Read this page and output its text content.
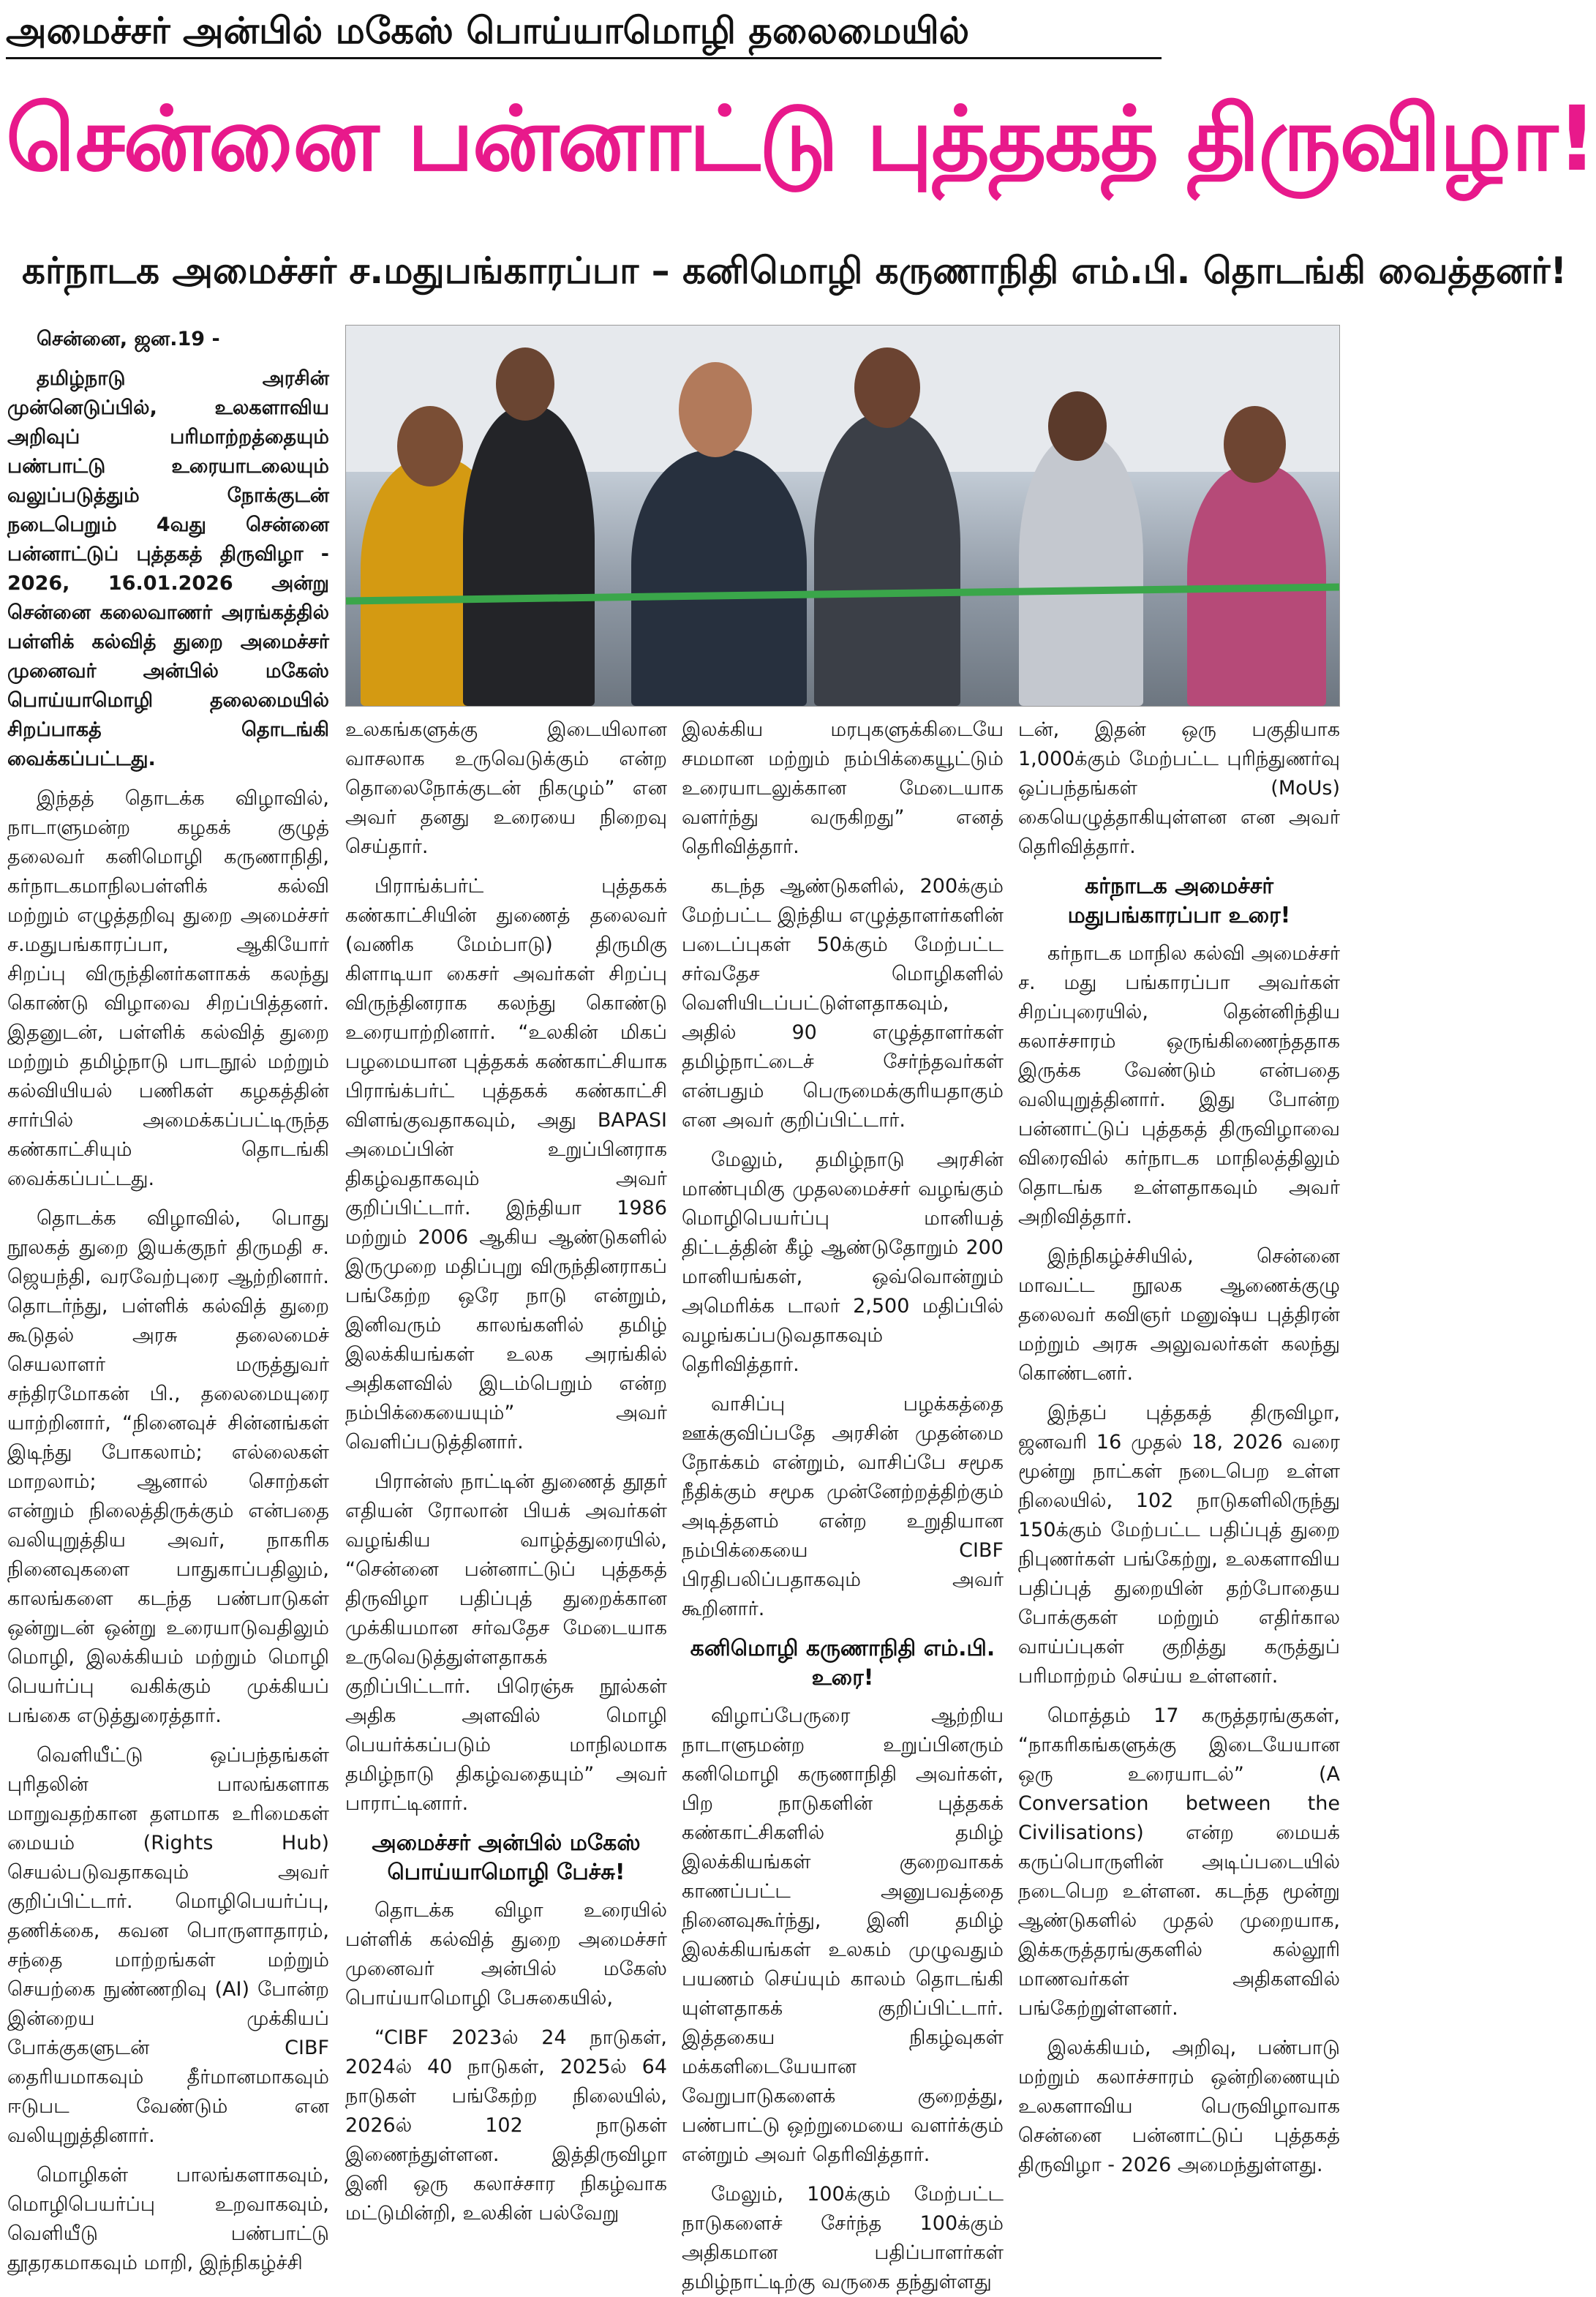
அமைச்சர் அன்பில் மகேஸ் பொய்யாமொழி தலைமையில்
சென்னை பன்னாட்டு புத்தகத் திருவிழா!
கர்நாடக அமைச்சர் ச.மதுபங்காரப்பா – கனிமொழி கருணாநிதி எம்.பி. தொடங்கி வைத்தனர்!

சென்னை, ஜன.19 -

தமிழ்நாடு அரசின் முன்னெடுப்பில், உலகளாவிய அறிவுப் பரிமாற்றத்தையும் பண்பாட்டு உரையாடலையும் வலுப்படுத்தும் நோக்குடன் நடைபெறும் 4வது சென்னை பன்னாட்டுப் புத்தகத் திருவிழா - 2026, 16.01.2026 அன்று சென்னை கலைவாணர் அரங்கத்தில் பள்ளிக் கல்வித் துறை அமைச்சர் முனைவர் அன்பில் மகேஸ் பொய்யாமொழி தலைமையில் சிறப்பாகத் தொடங்கி வைக்கப்பட்டது.

இந்தத் தொடக்க விழாவில், நாடாளுமன்ற கழகக் குழுத் தலைவர் கனிமொழி கருணாநிதி, கர்நாடகமாநிலபள்ளிக் கல்வி மற்றும் எழுத்தறிவு துறை அமைச்சர் ச.மதுபங்காரப்பா, ஆகியோர் சிறப்பு விருந்தினர்களாகக் கலந்து கொண்டு விழாவை சிறப்பித்தனர். இதனுடன், பள்ளிக் கல்வித் துறை மற்றும் தமிழ்நாடு பாடநூல் மற்றும் கல்வியியல் பணிகள் கழகத்தின் சார்பில் அமைக்கப்பட்டிருந்த கண்காட்சியும் தொடங்கி வைக்கப்பட்டது.

தொடக்க விழாவில், பொது நூலகத் துறை இயக்குநர் திருமதி ச. ஜெயந்தி, வரவேற்புரை ஆற்றினார். தொடர்ந்து, பள்ளிக் கல்வித் துறை கூடுதல் அரசு தலைமைச் செயலாளர் மருத்துவர் சந்திரமோகன் பி., தலைமையுரை யாற்றினார், “நினைவுச் சின்னங்கள் இடிந்து போகலாம்; எல்லைகள் மாறலாம்; ஆனால் சொற்கள் என்றும் நிலைத்திருக்கும் என்பதை வலியுறுத்திய அவர், நாகரிக நினைவுகளை பாதுகாப்பதிலும், காலங்களை கடந்த பண்பாடுகள் ஒன்றுடன் ஒன்று உரையாடுவதிலும் மொழி, இலக்கியம் மற்றும் மொழி பெயர்ப்பு வகிக்கும் முக்கியப் பங்கை எடுத்துரைத்தார்.

வெளியீட்டு ஒப்பந்தங்கள் புரிதலின் பாலங்களாக மாறுவதற்கான தளமாக உரிமைகள் மையம் (Rights Hub) செயல்படுவதாகவும் அவர் குறிப்பிட்டார். மொழிபெயர்ப்பு, தணிக்கை, கவன பொருளாதாரம், சந்தை மாற்றங்கள் மற்றும் செயற்கை நுண்ணறிவு (AI) போன்ற இன்றைய முக்கியப் போக்குகளுடன் CIBF தைரியமாகவும் தீர்மானமாகவும் ஈடுபட வேண்டும் என வலியுறுத்தினார்.

மொழிகள் பாலங்களாகவும், மொழிபெயர்ப்பு உறவாகவும், வெளியீடு பண்பாட்டு தூதரகமாகவும் மாறி, இந்நிகழ்ச்சி

உலகங்களுக்கு இடையிலான வாசலாக உருவெடுக்கும் என்ற தொலைநோக்குடன் நிகழும்” என அவர் தனது உரையை நிறைவு செய்தார்.

பிராங்க்பர்ட் புத்தகக் கண்காட்சியின் துணைத் தலைவர் (வணிக மேம்பாடு) திருமிகு கிளாடியா கைசர் அவர்கள் சிறப்பு விருந்தினராக கலந்து கொண்டு உரையாற்றினார். “உலகின் மிகப் பழமையான புத்தகக் கண்காட்சியாக பிராங்க்பர்ட் புத்தகக் கண்காட்சி விளங்குவதாகவும், அது BAPASI அமைப்பின் உறுப்பினராக திகழ்வதாகவும் அவர் குறிப்பிட்டார். இந்தியா 1986 மற்றும் 2006 ஆகிய ஆண்டுகளில் இருமுறை மதிப்புறு விருந்தினராகப் பங்கேற்ற ஒரே நாடு என்றும், இனிவரும் காலங்களில் தமிழ் இலக்கியங்கள் உலக அரங்கில் அதிகளவில் இடம்பெறும் என்ற நம்பிக்கையையும்” அவர் வெளிப்படுத்தினார்.

பிரான்ஸ் நாட்டின் துணைத் தூதர் எதியன் ரோலான் பியக் அவர்கள் வழங்கிய வாழ்த்துரையில், “சென்னை பன்னாட்டுப் புத்தகத் திருவிழா பதிப்புத் துறைக்கான முக்கியமான சர்வதேச மேடையாக உருவெடுத்துள்ளதாகக் குறிப்பிட்டார். பிரெஞ்சு நூல்கள் அதிக அளவில் மொழி பெயர்க்கப்படும் மாநிலமாக தமிழ்நாடு திகழ்வதையும்” அவர் பாராட்டினார்.

அமைச்சர் அன்பில் மகேஸ் பொய்யாமொழி பேச்சு!

தொடக்க விழா உரையில் பள்ளிக் கல்வித் துறை அமைச்சர் முனைவர் அன்பில் மகேஸ் பொய்யாமொழி பேசுகையில்,

“CIBF 2023ல் 24 நாடுகள், 2024ல் 40 நாடுகள், 2025ல் 64 நாடுகள் பங்கேற்ற நிலையில், 2026ல் 102 நாடுகள் இணைந்துள்ளன. இத்திருவிழா இனி ஒரு கலாச்சார நிகழ்வாக மட்டுமின்றி, உலகின் பல்வேறு

இலக்கிய மரபுகளுக்கிடையே சமமான மற்றும் நம்பிக்கையூட்டும் உரையாடலுக்கான மேடையாக வளர்ந்து வருகிறது” எனத் தெரிவித்தார்.

கடந்த ஆண்டுகளில், 200க்கும் மேற்பட்ட இந்திய எழுத்தாளர்களின் படைப்புகள் 50க்கும் மேற்பட்ட சர்வதேச மொழிகளில் வெளியிடப்பட்டுள்ளதாகவும், அதில் 90 எழுத்தாளர்கள் தமிழ்நாட்டைச் சேர்ந்தவர்கள் என்பதும் பெருமைக்குரியதாகும் என அவர் குறிப்பிட்டார்.

மேலும், தமிழ்நாடு அரசின் மாண்புமிகு முதலமைச்சர் வழங்கும் மொழிபெயர்ப்பு மானியத் திட்டத்தின் கீழ் ஆண்டுதோறும் 200 மானியங்கள், ஒவ்வொன்றும் அமெரிக்க டாலர் 2,500 மதிப்பில் வழங்கப்படுவதாகவும் தெரிவித்தார்.

வாசிப்பு பழக்கத்தை ஊக்குவிப்பதே அரசின் முதன்மை நோக்கம் என்றும், வாசிப்பே சமூக நீதிக்கும் சமூக முன்னேற்றத்திற்கும் அடித்தளம் என்ற உறுதியான நம்பிக்கையை CIBF பிரதிபலிப்பதாகவும் அவர் கூறினார்.

கனிமொழி கருணாநிதி எம்.பி. உரை!

விழாப்பேருரை ஆற்றிய நாடாளுமன்ற உறுப்பினரும் கனிமொழி கருணாநிதி அவர்கள், பிற நாடுகளின் புத்தகக் கண்காட்சிகளில் தமிழ் இலக்கியங்கள் குறைவாகக் காணப்பட்ட அனுபவத்தை நினைவுகூர்ந்து, இனி தமிழ் இலக்கியங்கள் உலகம் முழுவதும் பயணம் செய்யும் காலம் தொடங்கி யுள்ளதாகக் குறிப்பிட்டார். இத்தகைய நிகழ்வுகள் மக்களிடையேயான வேறுபாடுகளைக் குறைத்து, பண்பாட்டு ஒற்றுமையை வளர்க்கும் என்றும் அவர் தெரிவித்தார்.

மேலும், 100க்கும் மேற்பட்ட நாடுகளைச் சேர்ந்த 100க்கும் அதிகமான பதிப்பாளர்கள் தமிழ்நாட்டிற்கு வருகை தந்துள்ளது

டன், இதன் ஒரு பகுதியாக 1,000க்கும் மேற்பட்ட புரிந்துணர்வு ஒப்பந்தங்கள் (MoUs) கையெழுத்தாகியுள்ளன என அவர் தெரிவித்தார்.

கர்நாடக அமைச்சர் மதுபங்காரப்பா உரை!

கர்நாடக மாநில கல்வி அமைச்சர் ச. மது பங்காரப்பா அவர்கள் சிறப்புரையில், தென்னிந்திய கலாச்சாரம் ஒருங்கிணைந்ததாக இருக்க வேண்டும் என்பதை வலியுறுத்தினார். இது போன்ற பன்னாட்டுப் புத்தகத் திருவிழாவை விரைவில் கர்நாடக மாநிலத்திலும் தொடங்க உள்ளதாகவும் அவர் அறிவித்தார்.

இந்நிகழ்ச்சியில், சென்னை மாவட்ட நூலக ஆணைக்குழு தலைவர் கவிஞர் மனுஷ்ய புத்திரன் மற்றும் அரசு அலுவலர்கள் கலந்து கொண்டனர்.

இந்தப் புத்தகத் திருவிழா, ஜனவரி 16 முதல் 18, 2026 வரை மூன்று நாட்கள் நடைபெற உள்ள நிலையில், 102 நாடுகளிலிருந்து 150க்கும் மேற்பட்ட பதிப்புத் துறை நிபுணர்கள் பங்கேற்று, உலகளாவிய பதிப்புத் துறையின் தற்போதைய போக்குகள் மற்றும் எதிர்கால வாய்ப்புகள் குறித்து கருத்துப் பரிமாற்றம் செய்ய உள்ளனர்.

மொத்தம் 17 கருத்தரங்குகள், “நாகரிகங்களுக்கு இடையேயான ஒரு உரையாடல்” (A Conversation between the Civilisations) என்ற மையக் கருப்பொருளின் அடிப்படையில் நடைபெற உள்ளன. கடந்த மூன்று ஆண்டுகளில் முதல் முறையாக, இக்கருத்தரங்குகளில் கல்லூரி மாணவர்கள் அதிகளவில் பங்கேற்றுள்ளனர்.

இலக்கியம், அறிவு, பண்பாடு மற்றும் கலாச்சாரம் ஒன்றிணையும் உலகளாவிய பெருவிழாவாக சென்னை பன்னாட்டுப் புத்தகத் திருவிழா - 2026 அமைந்துள்ளது.
